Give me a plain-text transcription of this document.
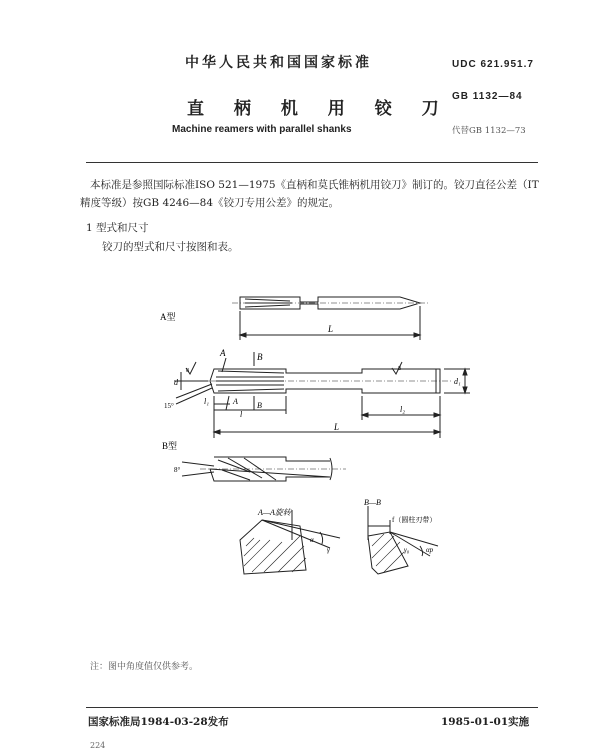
中华人民共和国国家标准
直 柄 机 用 铰 刀
Machine reamers with parallel shanks
UDC 621.951.7
GB 1132—84
代替GB 1132—73
本标准是参照国际标准ISO 521—1975《直柄和莫氏锥柄机用铰刀》制订的。铰刀直径公差（IT
精度等级）按GB 4246—84《铰刀专用公差》的规定。
1 型式和尺寸
铰刀的型式和尺寸按图和表。
A型
L
A	B
8	8
d	d₁
15°	l₁	A B
l
l₂
L
B型
8°
A—A旋转
B—B
f（圆柱刃带）
α
γ	αp
γ₀
注：图中角度值仅供参考。
国家标准局1984-03-28发布	1985-01-01实施
224
